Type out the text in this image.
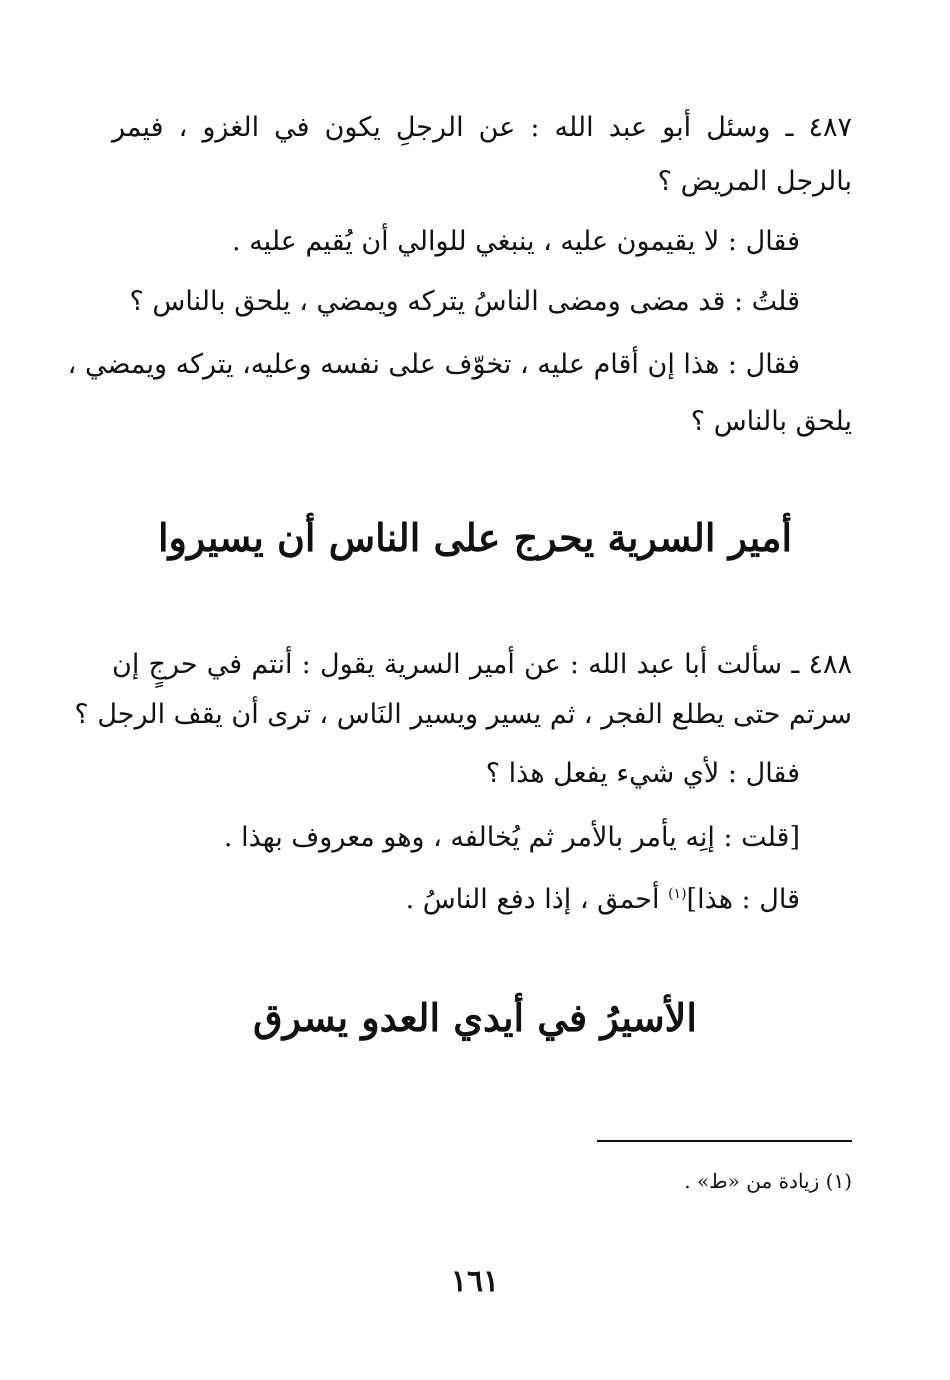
٤٨٧ ـ وسئل أبو عبد الله : عن الرجلِ يكون في الغزو ، فيمر
بالرجل المريض ؟
فقال : لا يقيمون عليه ، ينبغي للوالي أن يُقيم عليه .
قلتُ : قد مضى ومضى الناسُ يتركه ويمضي ، يلحق بالناس ؟
فقال : هذا إن أقام عليه ، تخوّف على نفسه وعليه، يتركه ويمضي ،
يلحق بالناس ؟
أمير السرية يحرج على الناس أن يسيروا
٤٨٨ ـ سألت أبا عبد الله : عن أمير السرية يقول : أنتم في حرجٍ إن
سرتم حتى يطلع الفجر ، ثم يسير ويسير النَاس ، ترى أن يقف الرجل ؟
فقال : لأي شيء يفعل هذا ؟
[قلت : إنِه يأمر بالأمر ثم يُخالفه ، وهو معروف بهذا .
قال : هذا]$^{(١)}$ أحمق ، إذا دفع الناسُ .
الأسيرُ في أيدي العدو يسرق
(١) زيادة من «ط» .
١٦١
